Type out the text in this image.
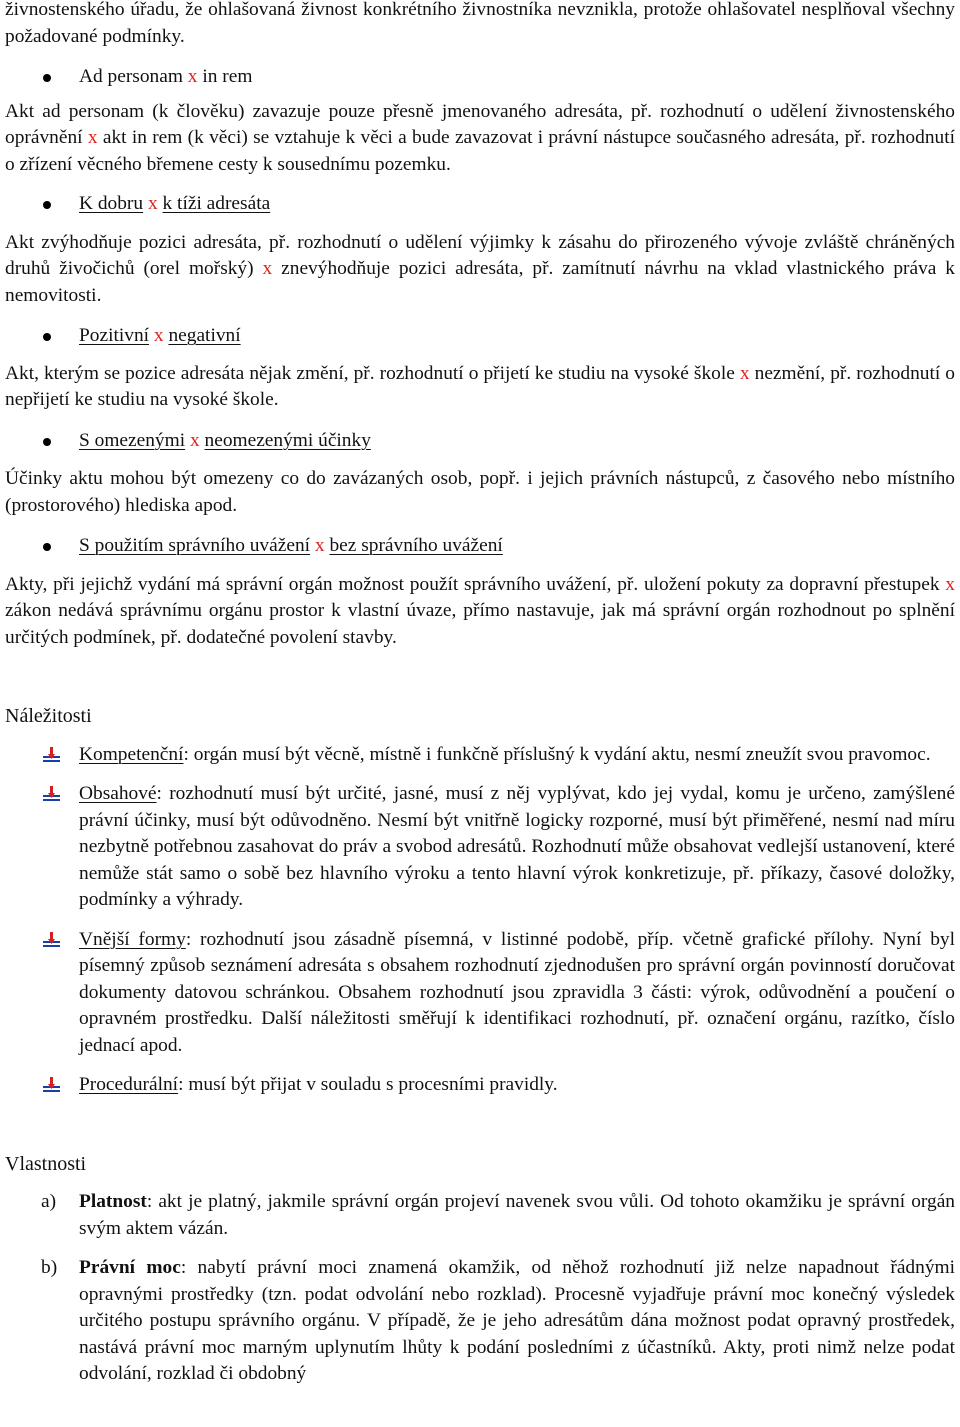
živnostenského úřadu, že ohlašovaná živnost konkrétního živnostníka nevznikla, protože ohlašovatel nesplňoval všechny požadované podmínky.

Ad personam x in rem

Akt ad personam (k člověku) zavazuje pouze přesně jmenovaného adresáta, př. rozhodnutí o udělení živnostenského oprávnění x akt in rem (k věci) se vztahuje k věci a bude zavazovat i právní nástupce současného adresáta, př. rozhodnutí o zřízení věcného břemene cesty k sousednímu pozemku.

K dobru x k tíži adresáta

Akt zvýhodňuje pozici adresáta, př. rozhodnutí o udělení výjimky k zásahu do přirozeného vývoje zvláště chráněných druhů živočichů (orel mořský) x znevýhodňuje pozici adresáta, př. zamítnutí návrhu na vklad vlastnického práva k nemovitosti.

Pozitivní x negativní

Akt, kterým se pozice adresáta nějak změní, př. rozhodnutí o přijetí ke studiu na vysoké škole x nezmění, př. rozhodnutí o nepřijetí ke studiu na vysoké škole.

S omezenými x neomezenými účinky

Účinky aktu mohou být omezeny co do zavázaných osob, popř. i jejich právních nástupců, z časového nebo místního (prostorového) hlediska apod.

S použitím správního uvážení x bez správního uvážení

Akty, při jejichž vydání má správní orgán možnost použít správního uvážení, př. uložení pokuty za dopravní přestupek x zákon nedává správnímu orgánu prostor k vlastní úvaze, přímo nastavuje, jak má správní orgán rozhodnout po splnění určitých podmínek, př. dodatečné povolení stavby.

Náležitosti

Kompetenční: orgán musí být věcně, místně i funkčně příslušný k vydání aktu, nesmí zneužít svou pravomoc.

Obsahové: rozhodnutí musí být určité, jasné, musí z něj vyplývat, kdo jej vydal, komu je určeno, zamýšlené právní účinky, musí být odůvodněno. Nesmí být vnitřně logicky rozporné, musí být přiměřené, nesmí nad míru nezbytně potřebnou zasahovat do práv a svobod adresátů. Rozhodnutí může obsahovat vedlejší ustanovení, které nemůže stát samo o sobě bez hlavního výroku a tento hlavní výrok konkretizuje, př. příkazy, časové doložky, podmínky a výhrady.

Vnější formy: rozhodnutí jsou zásadně písemná, v listinné podobě, příp. včetně grafické přílohy. Nyní byl písemný způsob seznámení adresáta s obsahem rozhodnutí zjednodušen pro správní orgán povinností doručovat dokumenty datovou schránkou. Obsahem rozhodnutí jsou zpravidla 3 části: výrok, odůvodnění a poučení o opravném prostředku. Další náležitosti směřují k identifikaci rozhodnutí, př. označení orgánu, razítko, číslo jednací apod.

Procedurální: musí být přijat v souladu s procesními pravidly.

Vlastnosti

a) Platnost: akt je platný, jakmile správní orgán projeví navenek svou vůli. Od tohoto okamžiku je správní orgán svým aktem vázán.

b) Právní moc: nabytí právní moci znamená okamžik, od něhož rozhodnutí již nelze napadnout řádnými opravnými prostředky (tzn. podat odvolání nebo rozklad). Procesně vyjadřuje právní moc konečný výsledek určitého postupu správního orgánu. V případě, že je jeho adresátům dána možnost podat opravný prostředek, nastává právní moc marným uplynutím lhůty k podání posledními z účastníků. Akty, proti nimž nelze podat odvolání, rozklad či obdobný
